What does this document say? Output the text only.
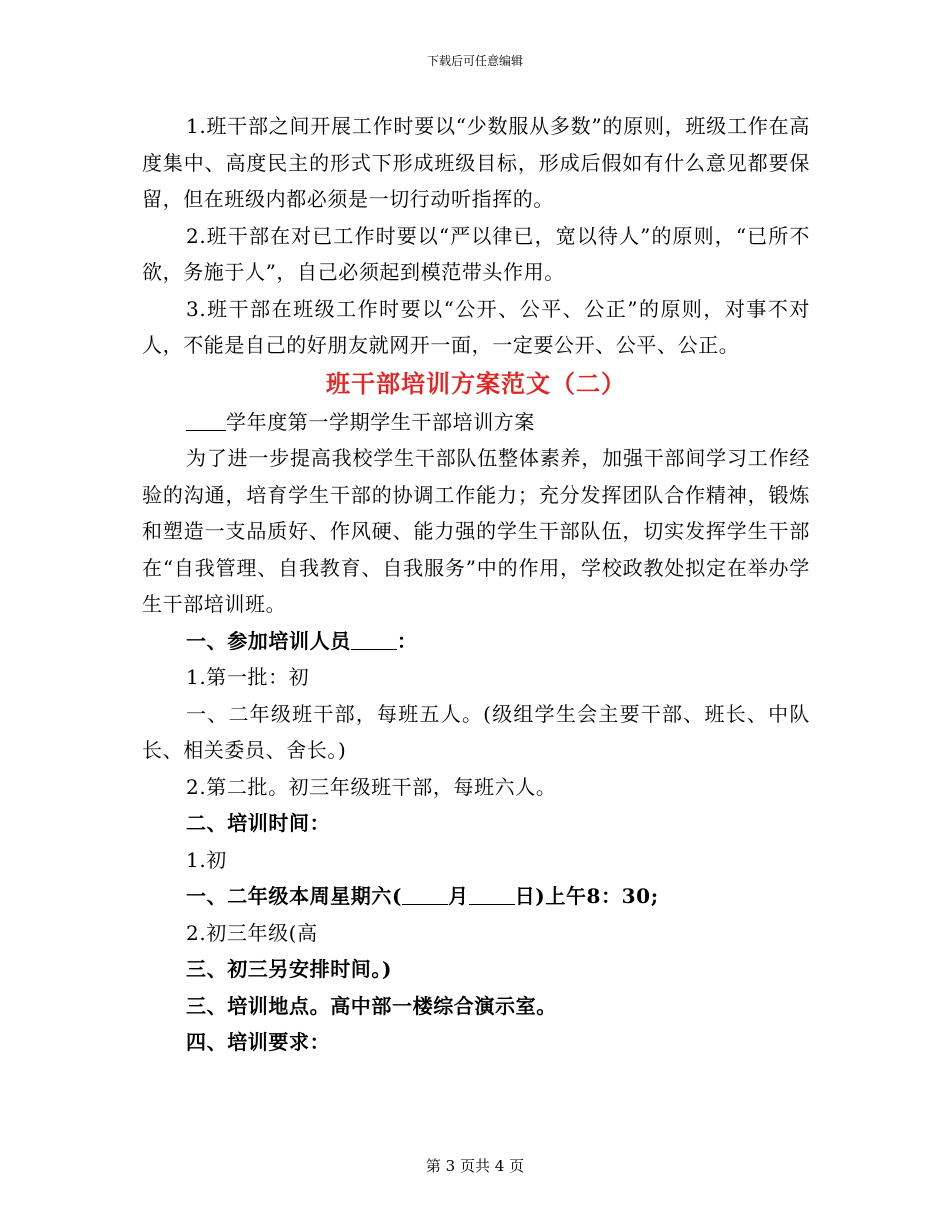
下载后可任意编辑

1.班干部之间开展工作时要以“少数服从多数”的原则，班级工作在高度集中、高度民主的形式下形成班级目标，形成后假如有什么意见都要保留，但在班级内都必须是一切行动听指挥的。

2.班干部在对已工作时要以“严以律已，宽以待人”的原则，“已所不欲，务施于人”，自己必须起到模范带头作用。

3.班干部在班级工作时要以“公开、公平、公正”的原则，对事不对人，不能是自己的好朋友就网开一面，一定要公开、公平、公正。

班干部培训方案范文（二）

学年度第一学期学生干部培训方案

为了进一步提高我校学生干部队伍整体素养，加强干部间学习工作经验的沟通，培育学生干部的协调工作能力；充分发挥团队合作精神，锻炼和塑造一支品质好、作风硬、能力强的学生干部队伍，切实发挥学生干部在“自我管理、自我教育、自我服务”中的作用，学校政教处拟定在举办学生干部培训班。

一、参加培训人员 ：

1.第一批：初

一、二年级班干部，每班五人。(级组学生会主要干部、班长、中队长、相关委员、舍长。)

2.第二批。初三年级班干部，每班六人。

二、培训时间：

1.初

一、二年级本周星期六( 月 日)上午8：30;

2.初三年级(高

三、初三另安排时间。)

三、培训地点。高中部一楼综合演示室。

四、培训要求：

第 3 页共 4 页
